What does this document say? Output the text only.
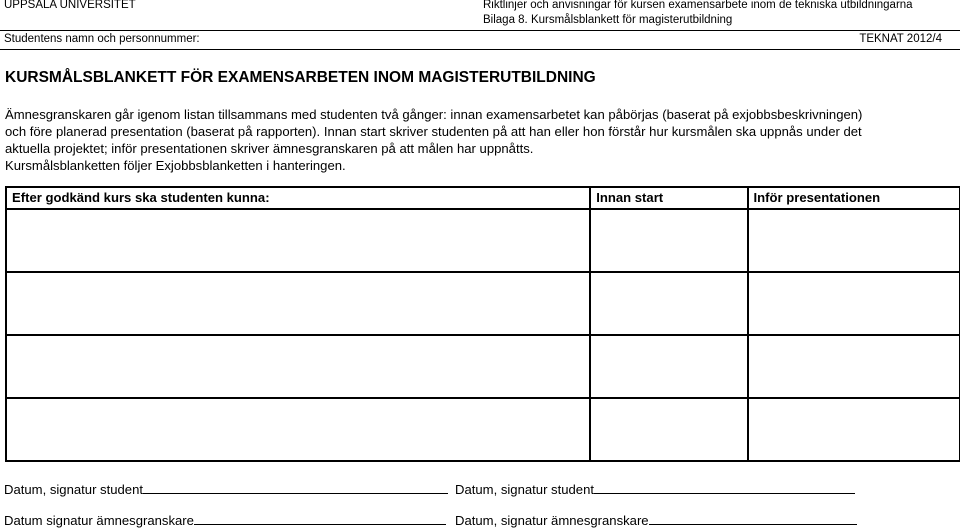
UPPSALA UNIVERSITET	Riktlinjer och anvisningar för kursen examensarbete inom de tekniska utbildningarna
Bilaga 8. Kursmålsblankett för magisterutbildning
Studentens namn och personnummer:	TEKNAT 2012/4
KURSMÅLSBLANKETT FÖR EXAMENSARBETEN INOM MAGISTERUTBILDNING

Ämnesgranskaren går igenom listan tillsammans med studenten två gånger: innan examensarbetet kan påbörjas (baserat på exjobbsbeskrivningen)

och före planerad presentation (baserat på rapporten). Innan start skriver studenten på att han eller hon förstår hur kursmålen ska uppnås under det

aktuella projektet; inför presentationen skriver ämnesgranskaren på att målen har uppnåtts.

Kursmålsblanketten följer Exjobbsblanketten i hanteringen.

Efter godkänd kurs ska studenten kunna:	Innan start	Inför presentationen

Datum, signatur student	Datum, signatur student
Datum signatur ämnesgranskare	Datum, signatur ämnesgranskare
